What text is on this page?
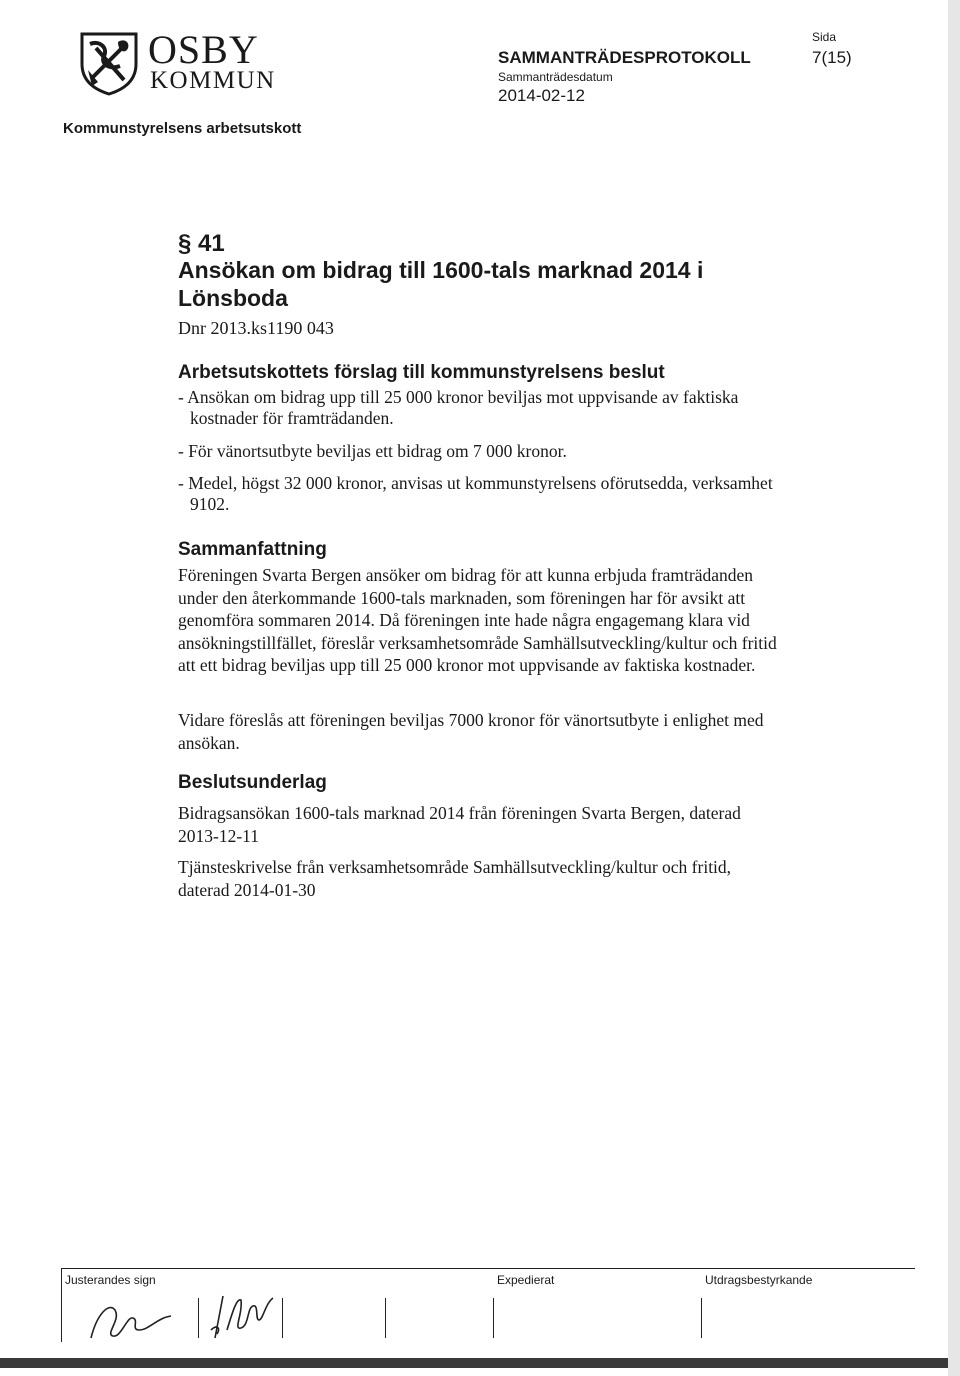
OSBY
KOMMUN
Kommunstyrelsens arbetsutskott
SAMMANTRÄDESPROTOKOLL
Sammanträdesdatum
2014-02-12
Sida
7(15)
§ 41
Ansökan om bidrag till 1600-tals marknad 2014 i Lönsboda
Dnr 2013.ks1190 043
Arbetsutskottets förslag till kommunstyrelsens beslut
- Ansökan om bidrag upp till 25 000 kronor beviljas mot uppvisande av faktiska kostnader för framträdanden.
- För vänortsutbyte beviljas ett bidrag om 7 000 kronor.
- Medel, högst 32 000 kronor, anvisas ut kommunstyrelsens oförutsedda, verksamhet 9102.
Sammanfattning
Föreningen Svarta Bergen ansöker om bidrag för att kunna erbjuda framträdanden under den återkommande 1600-tals marknaden, som föreningen har för avsikt att genomföra sommaren 2014. Då föreningen inte hade några engagemang klara vid ansökningstillfället, föreslår verksamhetsområde Samhällsutveckling/kultur och fritid att ett bidrag beviljas upp till 25 000 kronor mot uppvisande av faktiska kostnader.
Vidare föreslås att föreningen beviljas 7000 kronor för vänortsutbyte i enlighet med ansökan.
Beslutsunderlag
Bidragsansökan 1600-tals marknad 2014 från föreningen Svarta Bergen, daterad 2013-12-11
Tjänsteskrivelse från verksamhetsområde Samhällsutveckling/kultur och fritid, daterad 2014-01-30
Justerandes sign	Expedierat	Utdragsbestyrkande
